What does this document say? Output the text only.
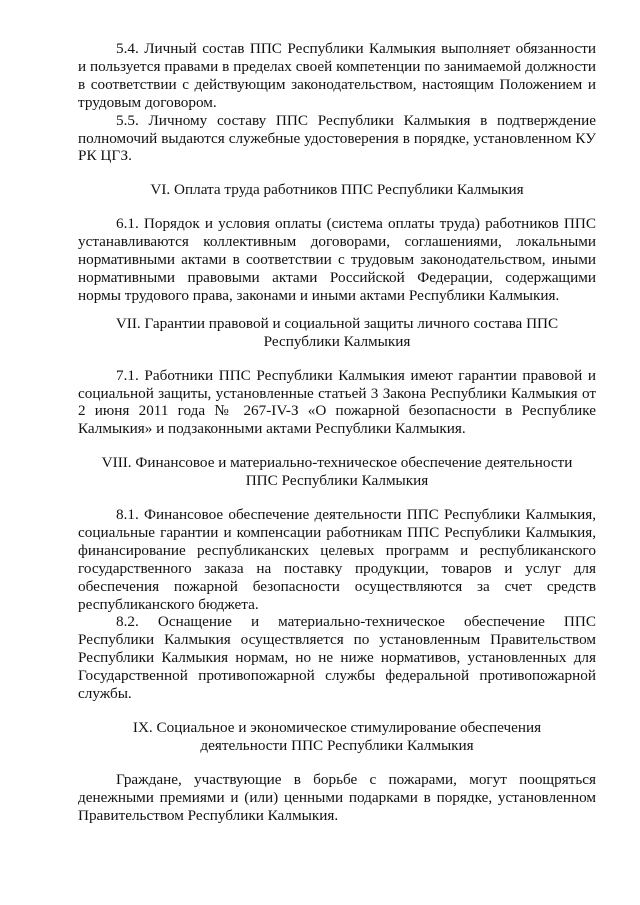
5.4. Личный состав ППС Республики Калмыкия выполняет обязанности и пользуется правами в пределах своей компетенции по занимаемой должности в соответствии с действующим законодательством, настоящим Положением и трудовым договором.

5.5. Личному составу ППС Республики Калмыкия в подтверждение полномочий выдаются служебные удостоверения в порядке, установленном КУ РК ЦГЗ.

VI. Оплата труда работников ППС Республики Калмыкия

6.1. Порядок и условия оплаты (система оплаты труда) работников ППС устанавливаются коллективным договорами, соглашениями, локальными нормативными актами в соответствии с трудовым законодательством, иными нормативными правовыми актами Российской Федерации, содержащими нормы трудового права, законами и иными актами Республики Калмыкия.

VII. Гарантии правовой и социальной защиты личного состава ППС
Республики Калмыкия

7.1. Работники ППС Республики Калмыкия имеют гарантии правовой и социальной защиты, установленные статьей 3 Закона Республики Калмыкия от 2 июня 2011 года № 267-IV-З «О пожарной безопасности в Республике Калмыкия» и подзаконными актами Республики Калмыкия.

VIII. Финансовое и материально-техническое обеспечение деятельности
ППС Республики Калмыкия

8.1. Финансовое обеспечение деятельности ППС Республики Калмыкия, социальные гарантии и компенсации работникам ППС Республики Калмыкия, финансирование республиканских целевых программ и республиканского государственного заказа на поставку продукции, товаров и услуг для обеспечения пожарной безопасности осуществляются за счет средств республиканского бюджета.

8.2. Оснащение и материально-техническое обеспечение ППС Республики Калмыкия осуществляется по установленным Правительством Республики Калмыкия нормам, но не ниже нормативов, установленных для Государственной противопожарной службы федеральной противопожарной службы.

IX. Социальное и экономическое стимулирование обеспечения
деятельности ППС Республики Калмыкия

Граждане, участвующие в борьбе с пожарами, могут поощряться денежными премиями и (или) ценными подарками в порядке, установленном Правительством Республики Калмыкия.
